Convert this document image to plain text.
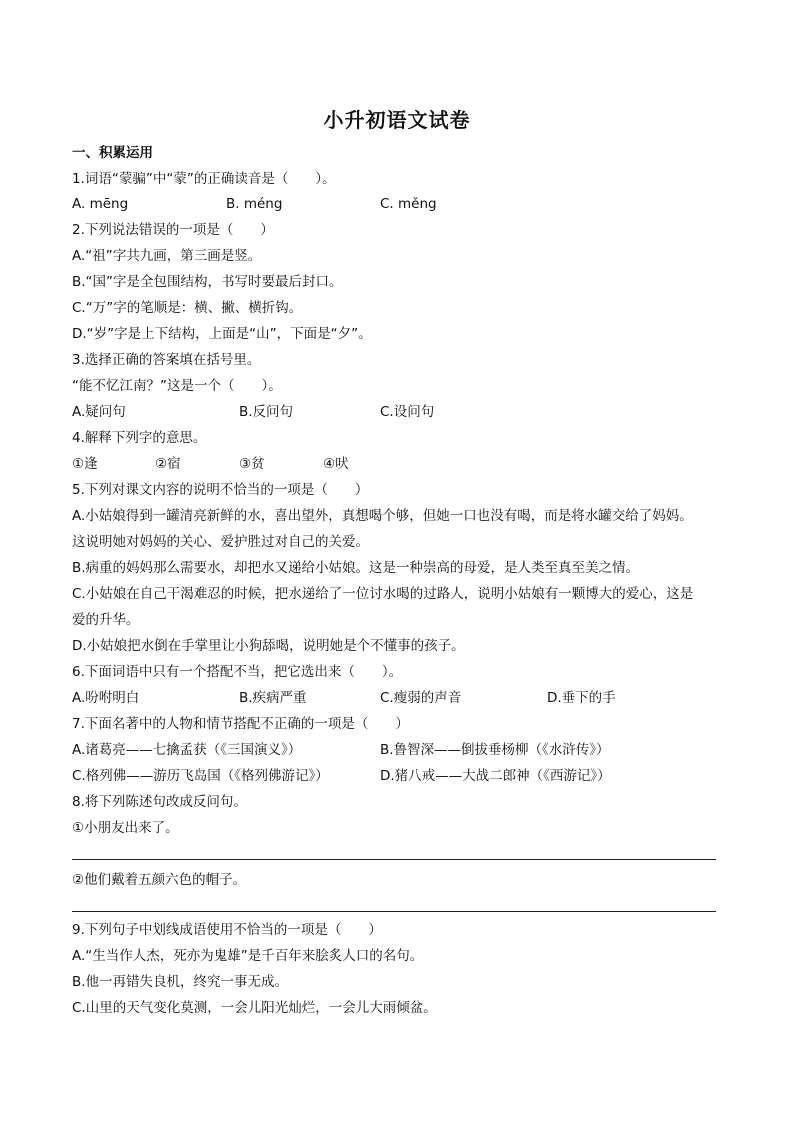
小升初语文试卷
一、积累运用
1.词语“蒙骗”中“蒙”的正确读音是（　　）。
A. mēng	B. méng	C. měng
2.下列说法错误的一项是（　　）
A.“祖”字共九画，第三画是竖。
B.“国”字是全包围结构，书写时要最后封口。
C.“万”字的笔顺是：横、撇、横折钩。
D.“岁”字是上下结构，上面是“山”，下面是“夕”。
3.选择正确的答案填在括号里。
“能不忆江南？”这是一个（　　）。
A.疑问句	B.反问句	C.设问句
4.解释下列字的意思。
①逢	②宿	③贫	④吠
5.下列对课文内容的说明不恰当的一项是（　　）
A.小姑娘得到一罐清亮新鲜的水，喜出望外，真想喝个够，但她一口也没有喝，而是将水罐交给了妈妈。
这说明她对妈妈的关心、爱护胜过对自己的关爱。
B.病重的妈妈那么需要水，却把水又递给小姑娘。这是一种崇高的母爱，是人类至真至美之情。
C.小姑娘在自己干渴难忍的时候，把水递给了一位讨水喝的过路人，说明小姑娘有一颗博大的爱心，这是
爱的升华。
D.小姑娘把水倒在手掌里让小狗舔喝，说明她是个不懂事的孩子。
6.下面词语中只有一个搭配不当，把它选出来（　　）。
A.吩咐明白	B.疾病严重	C.瘦弱的声音	D.垂下的手
7.下面名著中的人物和情节搭配不正确的一项是（　　）
A.诸葛亮——七擒孟获（《三国演义》）	B.鲁智深——倒拔垂杨柳（《水浒传》）
C.格列佛——游历飞岛国（《格列佛游记》）	D.猪八戒——大战二郎神（《西游记》）
8.将下列陈述句改成反问句。
①小朋友出来了。
②他们戴着五颜六色的帽子。
9.下列句子中划线成语使用不恰当的一项是（　　）
A.“生当作人杰，死亦为鬼雄”是千百年来脍炙人口的名句。
B.他一再错失良机，终究一事无成。
C.山里的天气变化莫测，一会儿阳光灿烂，一会儿大雨倾盆。
